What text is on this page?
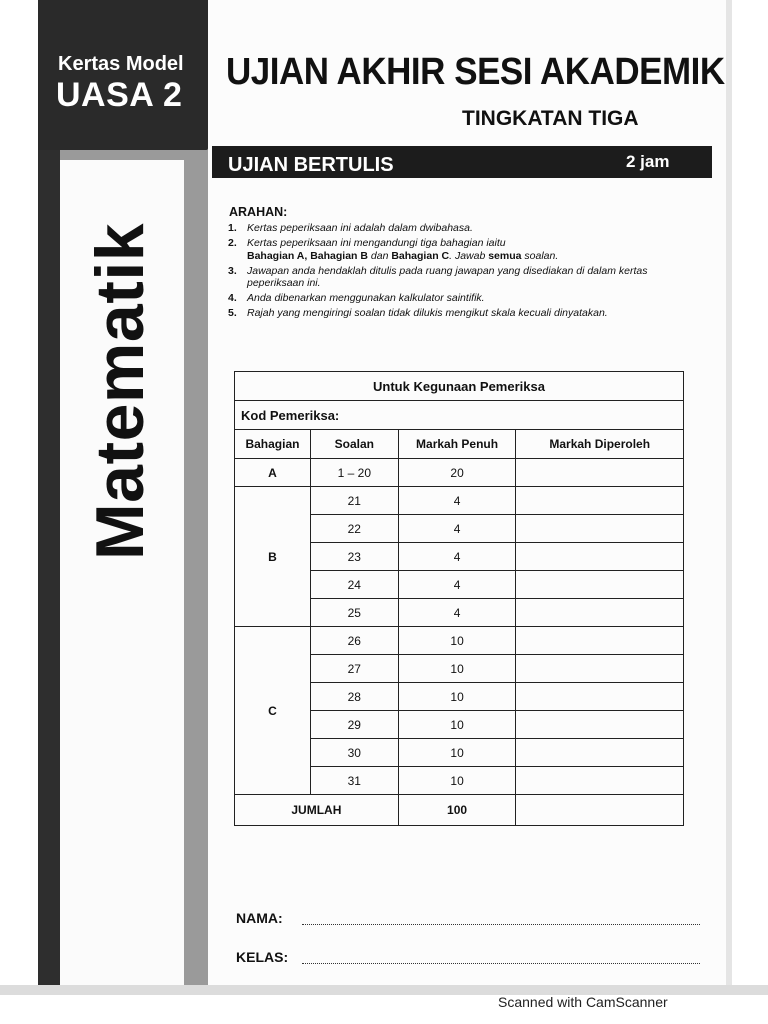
Kertas Model
UASA 2
Matematik
UJIAN AKHIR SESI AKADEMIK
TINGKATAN TIGA
UJIAN BERTULIS	2 jam
ARAHAN:
1. Kertas peperiksaan ini adalah dalam dwibahasa.
2. Kertas peperiksaan ini mengandungi tiga bahagian iaitu
Bahagian A, Bahagian B dan Bahagian C. Jawab semua soalan.
3. Jawapan anda hendaklah ditulis pada ruang jawapan yang disediakan di dalam kertas peperiksaan ini.
4. Anda dibenarkan menggunakan kalkulator saintifik.
5. Rajah yang mengiringi soalan tidak dilukis mengikut skala kecuali dinyatakan.
Untuk Kegunaan Pemeriksa			
Kod Pemeriksa:			
Bahagian	Soalan	Markah Penuh	Markah Diperoleh
A	1 – 20	20	
B	21	4	
	22	4	
	23	4	
	24	4	
	25	4	
C	26	10	
	27	10	
	28	10	
	29	10	
	30	10	
	31	10	
JUMLAH		100	
NAMA:
KELAS:
Scanned with CamScanner
